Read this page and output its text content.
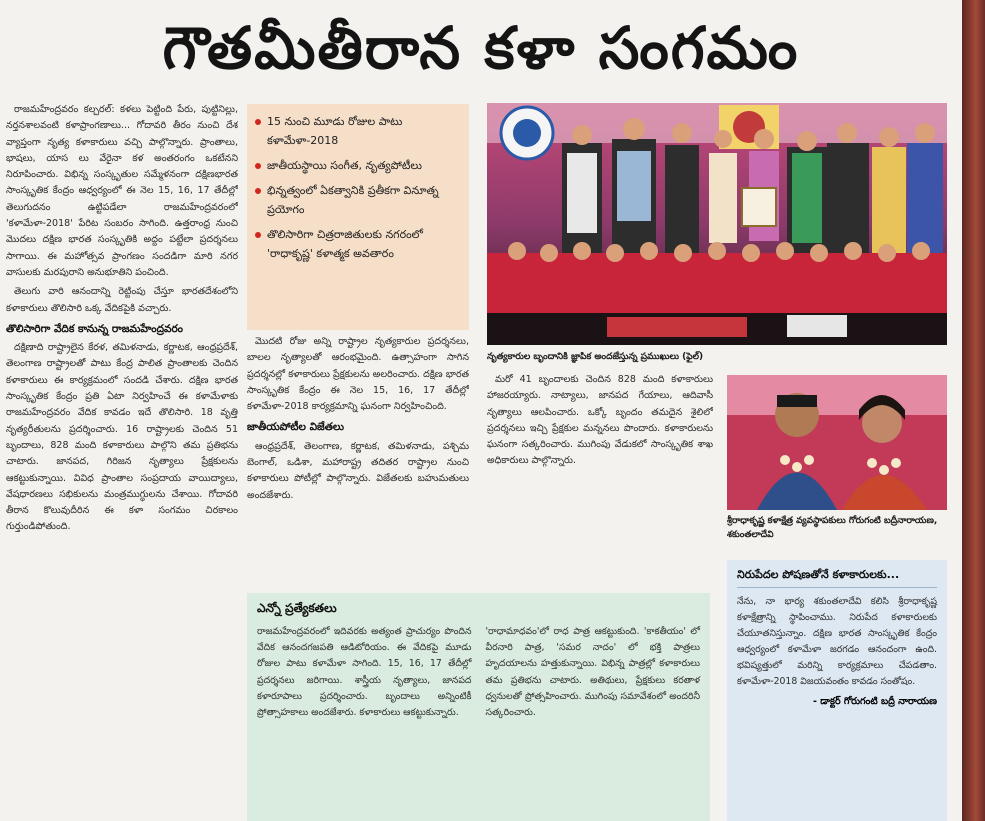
గౌతమీతీరాన కళా సంగమం

రాజమహేంద్రవరం కల్చరల్‌: కళలు పెట్టింది పేరు, పుట్టినిల్లు, నర్తనశాలవంటి కళాప్రాంగణాలు... గోదావరి తీరం నుంచి దేశ వ్యాప్తంగా నృత్య కళాకారులు వచ్చి పాల్గొన్నారు. ప్రాంతాలు, భాషలు, యాస లు వేరైనా కళ అంతరంగం ఒకటేనని నిరూపించారు. విభిన్న సంస్కృతుల సమ్మేళనంగా దక్షిణభారత సాంస్కృతిక కేంద్రం ఆధ్వర్యంలో ఈ నెల 15, 16, 17 తేదీల్లో తెలుగుదనం ఉట్టిపడేలా రాజమహేంద్రవరంలో 'కళామేళా-2018' పేరిట సంబరం సాగింది. ఉత్తరాంధ్ర నుంచి మొదలు దక్షిణ భారత సంస్కృతికి అద్దం పట్టేలా ప్రదర్శనలు సాగాయి. ఈ మహోత్సవ ప్రాంగణం సందడిగా మారి నగర వాసులకు మరపురాని అనుభూతిని పంచింది.

తెలుగు వారి ఆనందాన్ని రెట్టింపు చేస్తూ భారతదేశంలోని కళాకారులు తొలిసారి ఒక్క వేదికపైకి వచ్చారు.

తొలిసారిగా వేదిక కానున్న రాజమహేంద్రవరం

దక్షిణాది రాష్ట్రాలైన కేరళ, తమిళనాడు, కర్ణాటక, ఆంధ్రప్రదేశ్‌, తెలంగాణ రాష్ట్రాలతో పాటు కేంద్ర పాలిత ప్రాంతాలకు చెందిన కళాకారులు ఈ కార్యక్రమంలో సందడి చేశారు. దక్షిణ భారత సాంస్కృతిక కేంద్రం ప్రతి ఏటా నిర్వహించే ఈ కళామేళాకు రాజమహేంద్రవరం వేదిక కావడం ఇదే తొలిసారి. 18 వృత్తి నృత్యరీతులను ప్రదర్శించారు. 16 రాష్ట్రాలకు చెందిన 51 బృందాలు, 828 మంది కళాకారులు పాల్గొని తమ ప్రతిభను చాటారు. జానపద, గిరిజన నృత్యాలు ప్రేక్షకులను ఆకట్టుకున్నాయి. వివిధ ప్రాంతాల సంప్రదాయ వాయిద్యాలు, వేషధారణలు సభికులను మంత్రముగ్ధులను చేశాయి. గోదావరి తీరాన కొలువుదీరిన ఈ కళా సంగమం చిరకాలం గుర్తుండిపోతుంది.

15 నుంచి మూడు రోజుల పాటు కళామేళా-2018
జాతీయస్థాయి సంగీత, నృత్యపోటీలు
భిన్నత్వంలో ఏకత్వానికి ప్రతీకగా వినూత్న ప్రయోగం
తొలిసారిగా చిత్రరాజితులకు నగరంలో 'రాధాకృష్ణ' కళాత్మక అవతారం

మొదటి రోజు అన్ని రాష్ట్రాల నృత్యకారుల ప్రదర్శనలు, బాలల నృత్యాలతో ఆరంభమైంది. ఉత్సాహంగా సాగిన ప్రదర్శనల్లో కళాకారులు ప్రేక్షకులను అలరించారు. దక్షిణ భారత సాంస్కృతిక కేంద్రం ఈ నెల 15, 16, 17 తేదీల్లో కళామేళా-2018 కార్యక్రమాన్ని ఘనంగా నిర్వహించింది.

జాతీయపోటీల విజేతలు

ఆంధ్రప్రదేశ్‌, తెలంగాణ, కర్ణాటక, తమిళనాడు, పశ్చిమ బెంగాల్‌, ఒడిశా, మహారాష్ట్ర తదితర రాష్ట్రాల నుంచి కళాకారులు పోటీల్లో పాల్గొన్నారు. విజేతలకు బహుమతులు అందజేశారు.

నృత్యకారుల బృందానికి జ్ఞాపిక అందజేస్తున్న ప్రముఖులు (ఫైల్‌)

మరో 41 బృందాలకు చెందిన 828 మంది కళాకారులు హాజరయ్యారు. నాట్యాలు, జానపద గేయాలు, ఆదివాసీ నృత్యాలు ఆలపించారు. ఒక్కో బృందం తమదైన శైలిలో ప్రదర్శనలు ఇచ్చి ప్రేక్షకుల మన్ననలు పొందారు. కళాకారులను ఘనంగా సత్కరించారు. ముగింపు వేడుకలో సాంస్కృతిక శాఖ అధికారులు పాల్గొన్నారు.

శ్రీరాధాకృష్ణ కళాక్షేత్ర వ్యవస్థాపకులు గోరుగంటి బద్రీనారాయణ, శకుంతలాదేవి
ఎన్నో ప్రత్యేకతలు
రాజమహేంద్రవరంలో ఇదివరకు అత్యంత ప్రాచుర్యం పొందిన వేదిక ఆనందగజపతి ఆడిటోరియం. ఈ వేదికపై మూడు రోజుల పాటు కళామేళా సాగింది. 15, 16, 17 తేదీల్లో ప్రదర్శనలు జరిగాయి. శాస్త్రీయ నృత్యాలు, జానపద కళారూపాలు ప్రదర్శించారు. బృందాలు అన్నింటికీ ప్రోత్సాహకాలు అందజేశారు. కళాకారులు ఆకట్టుకున్నారు.
'రాధామాధవం'లో రాధ పాత్ర ఆకట్టుకుంది. 'కాకతీయం' లో వీరనారి పాత్ర, 'సమర నాదం' లో భక్తి పాత్రలు హృదయాలను హత్తుకున్నాయి. విభిన్న పాత్రల్లో కళాకారులు తమ ప్రతిభను చాటారు. అతిథులు, ప్రేక్షకులు కరతాళ ధ్వనులతో ప్రోత్సహించారు. ముగింపు సమావేశంలో అందరినీ సత్కరించారు.
నిరుపేదల పోషణతోనే కళాకారులకు...
నేను, నా భార్య శకుంతలాదేవి కలిసి శ్రీరాధాకృష్ణ కళాక్షేత్రాన్ని స్థాపించాము. నిరుపేద కళాకారులకు చేయూతనిస్తున్నాం. దక్షిణ భారత సాంస్కృతిక కేంద్రం ఆధ్వర్యంలో కళామేళా జరగడం ఆనందంగా ఉంది. భవిష్యత్తులో మరిన్ని కార్యక్రమాలు చేపడతాం. కళామేళా-2018 విజయవంతం కావడం సంతోషం.
- డాక్టర్‌ గోరుగంటి బద్రీ నారాయణ
